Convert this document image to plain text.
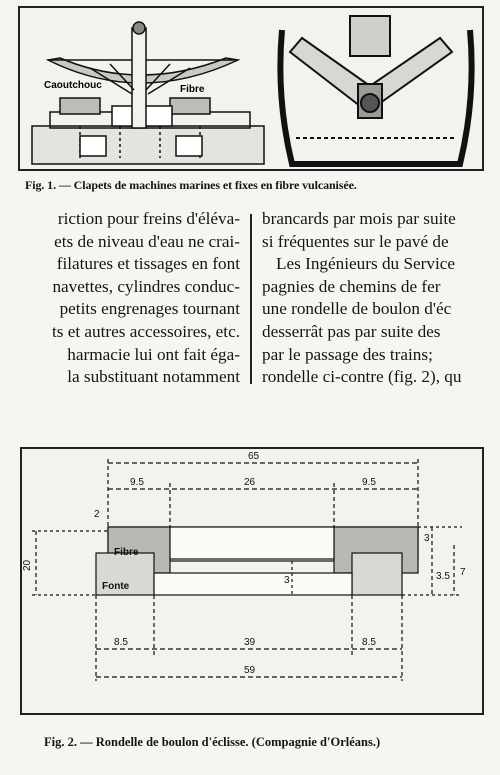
Caoutchouc	Fibre
Fig. 1. — Clapets de machines marines et fixes en fibre vulcanisée.
riction pour freins d'éléva-
ets de niveau d'eau ne crai-
filatures et tissages en font
navettes, cylindres conduc-
petits engrenages tournant
ts et autres accessoires, etc.
harmacie lui ont fait éga-
la substituant notamment
brancards par mois par suite
si fréquentes sur le pavé de
Les Ingénieurs du Service
pagnies de chemins de fer
une rondelle de boulon d'éc
desserrât pas par suite des
par le passage des trains;
rondelle ci-contre (fig. 2), qu
65
9.5	26	9.5
2
20
3
3.5 7
3
8.5	39	8.5
59
Fibre
Fonte
Fig. 2. — Rondelle de boulon d'éclisse. (Compagnie d'Orléans.)
